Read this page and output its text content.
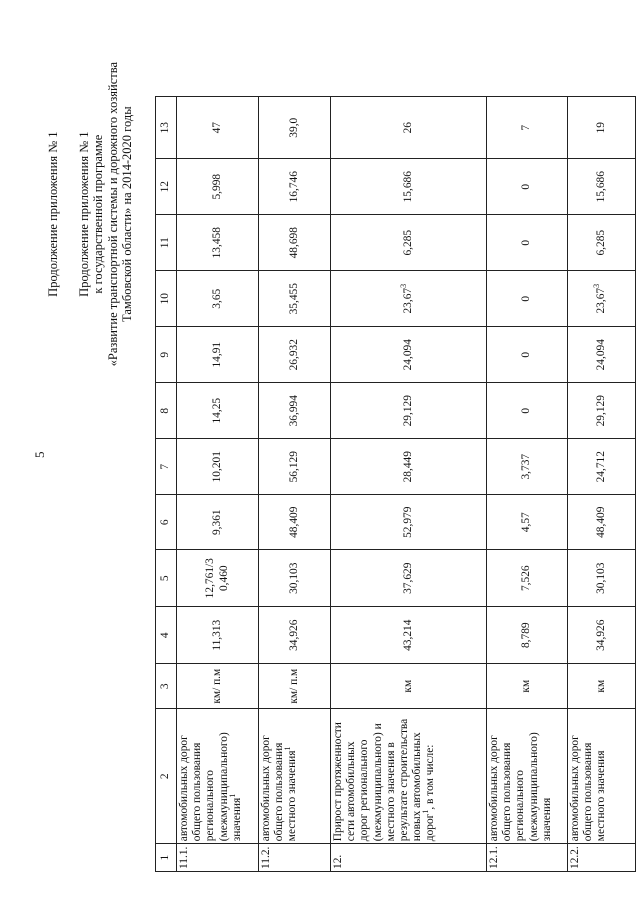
5
Продолжение приложения № 1 Продолжение приложения № 1 к государственной программе «Развитие транспортной системы и дорожного хозяйства Тамбовской области» на 2014-2020 годы
1	2	3	4	5	6	7	8	9	10	11	12	13
11.1.	автомобильных дорог общего пользования регионального (межмуниципального) значения$^1$	км/ п.м	11,313	12,761/3 0,460	9,361	10,201	14,25	14,91	3,65	13,458	5,998	47
11.2.	автомобильных дорог общего пользования местного значения$^1$	км/ п.м	34,926	30,103	48,409	56,129	36,994	26,932	35,455	48,698	16,746	39,0
12.	Прирост протяженности сети автомобильных дорог регионального (межмуниципального) и местного значения в результате строительства новых автомобильных дорог$^1$, в том числе:	км	43,214	37,629	52,979	28,449	29,129	24,094	23,67$^3$	6,285	15,686	26
12.1.	автомобильных дорог общего пользования регионального (межмуниципального) значения	км	8,789	7,526	4,57	3,737	0	0	0	0	0	7
12.2.	автомобильных дорог общего пользования местного значения	км	34,926	30,103	48,409	24,712	29,129	24,094	23,67$^3$	6,285	15,686	19
